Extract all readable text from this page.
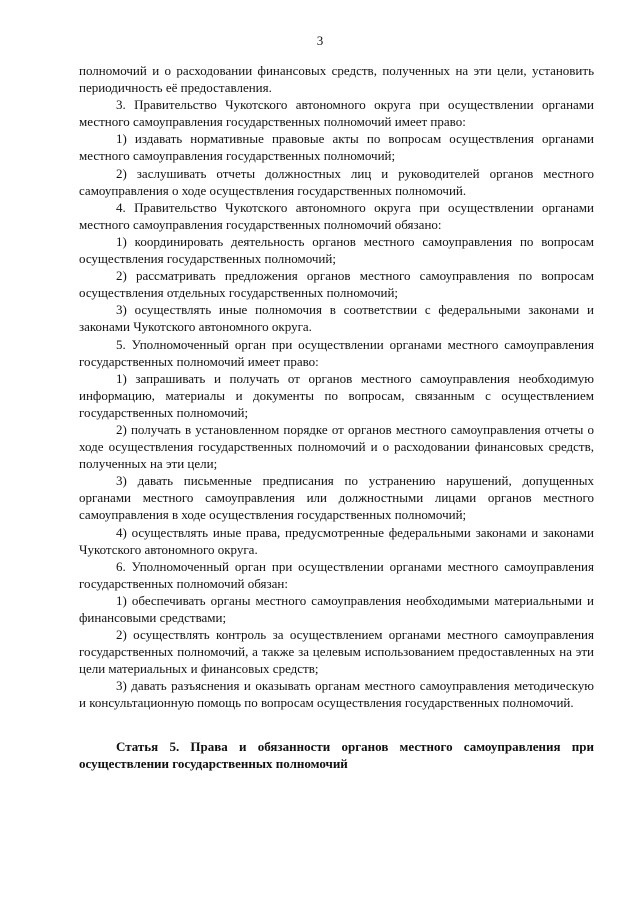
3

полномочий и о расходовании финансовых средств, полученных на эти цели, установить периодичность её предоставления.

3. Правительство Чукотского автономного округа при осуществлении органами местного самоуправления государственных полномочий имеет право:

1) издавать нормативные правовые акты по вопросам осуществления органами местного самоуправления государственных полномочий;

2) заслушивать отчеты должностных лиц и руководителей органов местного самоуправления о ходе осуществления государственных полномочий.

4. Правительство Чукотского автономного округа при осуществлении органами местного самоуправления государственных полномочий обязано:

1) координировать деятельность органов местного самоуправления по вопросам осуществления государственных полномочий;

2) рассматривать предложения органов местного самоуправления по вопросам осуществления отдельных государственных полномочий;

3) осуществлять иные полномочия в соответствии с федеральными законами и законами Чукотского автономного округа.

5. Уполномоченный орган при осуществлении органами местного самоуправления государственных полномочий имеет право:

1) запрашивать и получать от органов местного самоуправления необходимую информацию, материалы и документы по вопросам, связанным с осуществлением государственных полномочий;

2) получать в установленном порядке от органов местного самоуправления отчеты о ходе осуществления государственных полномочий и о расходовании финансовых средств, полученных на эти цели;

3) давать письменные предписания по устранению нарушений, допущенных органами местного самоуправления или должностными лицами органов местного самоуправления в ходе осуществления государственных полномочий;

4) осуществлять иные права, предусмотренные федеральными законами и законами Чукотского автономного округа.

6. Уполномоченный орган при осуществлении органами местного самоуправления государственных полномочий обязан:

1) обеспечивать органы местного самоуправления необходимыми материальными и финансовыми средствами;

2) осуществлять контроль за осуществлением органами местного самоуправления государственных полномочий, а также за целевым использованием предоставленных на эти цели материальных и финансовых средств;

3) давать разъяснения и оказывать органам местного самоуправления методическую и консультационную помощь по вопросам осуществления государственных полномочий.

Статья 5. Права и обязанности органов местного самоуправления при осуществлении государственных полномочий
